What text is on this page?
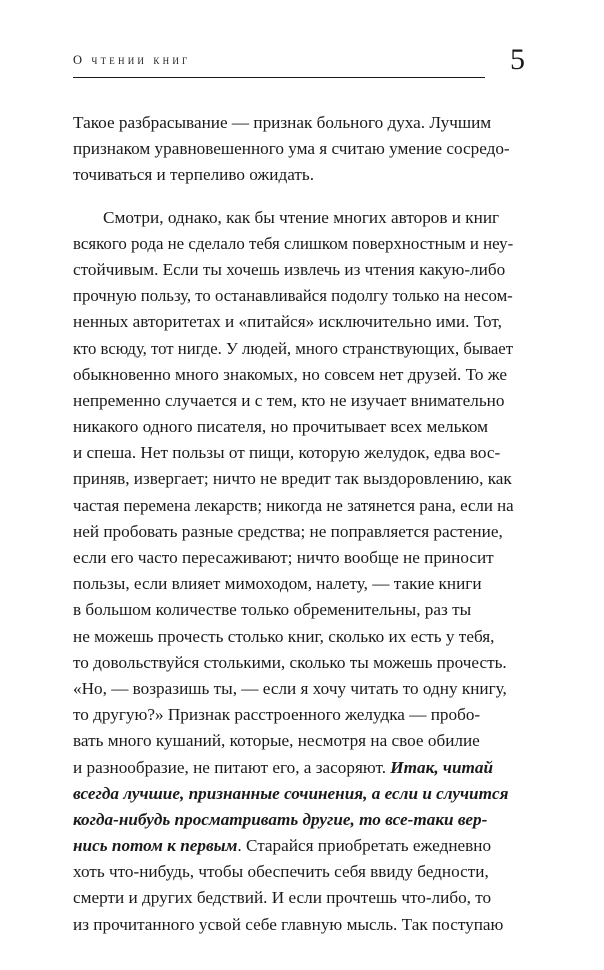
О чтении книг	5
Такое разбрасывание — признак больного духа. Лучшим
признаком уравновешенного ума я считаю умение сосредо-
точиваться и терпеливо ожидать.
Смотри, однако, как бы чтение многих авторов и книг
всякого рода не сделало тебя слишком поверхностным и неу-
стойчивым. Если ты хочешь извлечь из чтения какую-либо
прочную пользу, то останавливайся подолгу только на несом-
ненных авторитетах и «питайся» исключительно ими. Тот,
кто всюду, тот нигде. У людей, много странствующих, бывает
обыкновенно много знакомых, но совсем нет друзей. То же
непременно случается и с тем, кто не изучает внимательно
никакого одного писателя, но прочитывает всех мельком
и спеша. Нет пользы от пищи, которую желудок, едва вос-
приняв, извергает; ничто не вредит так выздоровлению, как
частая перемена лекарств; никогда не затянется рана, если на
ней пробовать разные средства; не поправляется растение,
если его часто пересаживают; ничто вообще не приносит
пользы, если влияет мимоходом, налету, — такие книги
в большом количестве только обременительны, раз ты
не можешь прочесть столько книг, сколько их есть у тебя,
то довольствуйся столькими, сколько ты можешь прочесть.
«Но, — возразишь ты, — если я хочу читать то одну книгу,
то другую?» Признак расстроенного желудка — пробо-
вать много кушаний, которые, несмотря на свое обилие
и разнообразие, не питают его, а засоряют. Итак, читай
всегда лучшие, признанные сочинения, а если и случится
когда-нибудь просматривать другие, то все-таки вер-
нись потом к первым. Старайся приобретать ежедневно
хоть что-нибудь, чтобы обеспечить себя ввиду бедности,
смерти и других бедствий. И если прочтешь что-либо, то
из прочитанного усвой себе главную мысль. Так поступаю
